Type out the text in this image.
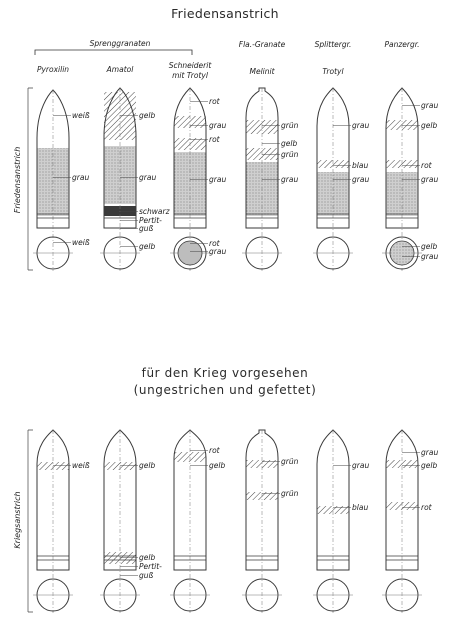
Friedensanstrich
für den Krieg vorgesehen
(ungestrichen und gefettet)
Sprenggranaten
Pyroxilin	Amatol	Schneiderit
mit Trotyl
Fla.-Granate
Melinit
Splittergr.
Trotyl
Panzergr.
Friedensanstrich
Kriegsanstrich
weiß
grau
weiß
gelb
grau
schwarz
Pertit-
guß
gelb
rot
grau
rot
grau
rot
grau
grün
gelb
grün
grau
grau
blau
grau
grau
gelb
rot
grau
gelb
grau
weiß	gelb
gelb
Pertit-
guß
rot
gelb	grün
grün
grau
blau
grau
gelb
rot
